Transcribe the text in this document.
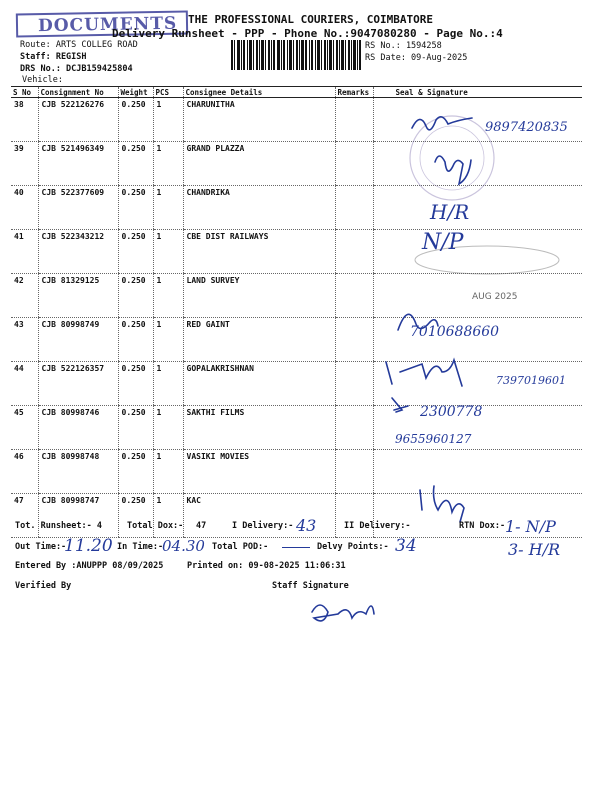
DOCUMENTS THE PROFESSIONAL COURIERS, COIMBATORE
Delivery Runsheet - PPP - Phone No.:9047080280 - Page No.:4
Route: ARTS COLLEG ROAD
Staff: REGISH
DRS No.: DCJB159425804
Vehicle:
RS No.: 1594258
RS Date: 09-Aug-2025
S No	Consignment No	Weight	PCS	Consignee Details	Remarks	Seal & Signature
38	CJB 522126276	0.250	1	CHARUNITHA		
39	CJB 521496349	0.250	1	GRAND PLAZZA		
40	CJB 522377609	0.250	1	CHANDRIKA		
41	CJB 522343212	0.250	1	CBE DIST RAILWAYS		
42	CJB 81329125	0.250	1	LAND SURVEY		
43	CJB 80998749	0.250	1	RED GAINT		
44	CJB 522126357	0.250	1	GOPALAKRISHNAN		
45	CJB 80998746	0.250	1	SAKTHI FILMS		
46	CJB 80998748	0.250	1	VASIKI MOVIES		
47	CJB 80998747	0.250	1	KAC		
9897420835
H/R
N/P
AUG 2025
7010688660
7397019601
2300778
9655960127
Tot. Runsheet:- 4	Total Dox:- 47	I Delivery:- 43	II Delivery:-	RTN Dox:- 1- N/P
3- H/R
Out Time:-
11.20 In Time:-
04.30 Total POD:-	Delvy Points:- 34
Entered By :ANUPPP 08/09/2025	Printed on: 09-08-2025 11:06:31
Verified By	Staff Signature
